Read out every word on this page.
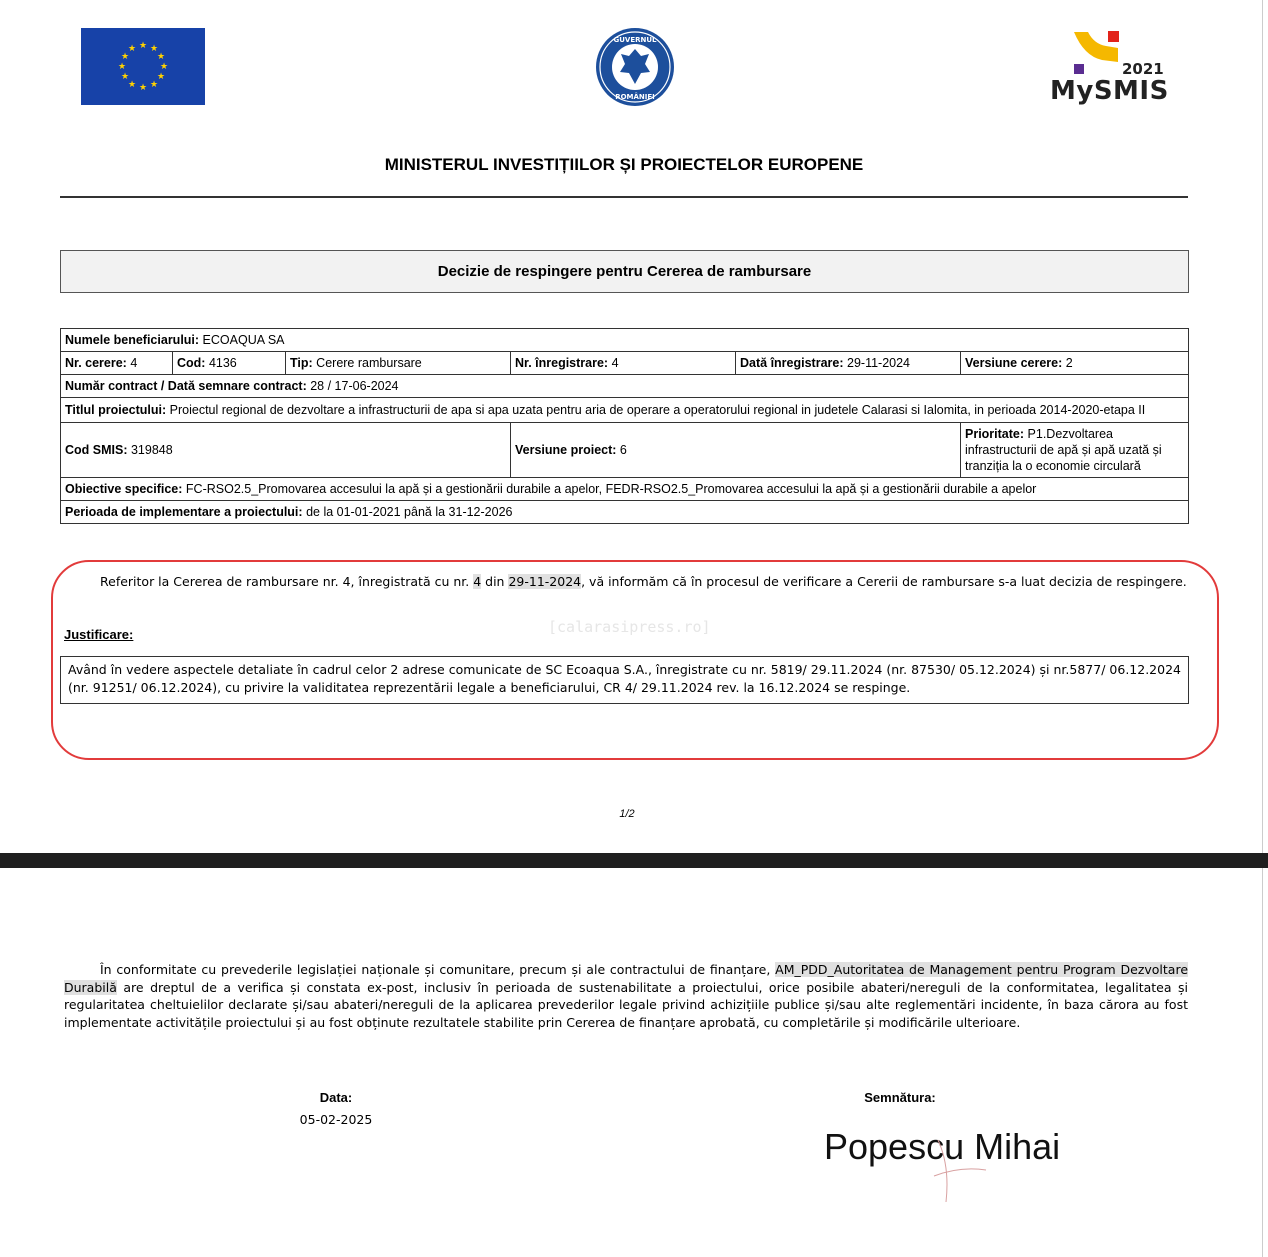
★ ★
★
★
★
★
★
★
★
★
★
★
GUVERNUL
ROMÂNIEI
2021
MySMIS
MINISTERUL INVESTIȚIILOR ȘI PROIECTELOR EUROPENE
Decizie de respingere pentru Cererea de rambursare
Numele beneficiarului: ECOAQUA SA					
Nr. cerere: 4	Cod: 4136	Tip: Cerere rambursare	Nr. înregistrare: 4	Dată înregistrare: 29-11-2024	Versiune cerere: 2
Număr contract / Dată semnare contract: 28 / 17-06-2024					
Titlul proiectului: Proiectul regional de dezvoltare a infrastructurii de apa si apa uzata pentru aria de operare a operatorului regional in judetele Calarasi si Ialomita, in perioada 2014-2020-etapa II					
Cod SMIS: 319848			Versiune proiect: 6		Prioritate: P1.Dezvoltarea infrastructurii de apă și apă uzată și tranziția la o economie circulară
Obiective specifice: FC-RSO2.5_Promovarea accesului la apă și a gestionării durabile a apelor, FEDR-RSO2.5_Promovarea accesului la apă și a gestionării durabile a apelor					
Perioada de implementare a proiectului: de la 01-01-2021 până la 31-12-2026					
Referitor la Cererea de rambursare nr. 4, înregistrată cu nr. 4 din 29-11-2024, vă informăm că în procesul de verificare a Cererii de rambursare s-a luat decizia de respingere.
[calarasipress.ro]
Justificare:
Având în vedere aspectele detaliate în cadrul celor 2 adrese comunicate de SC Ecoaqua S.A., înregistrate cu nr. 5819/ 29.11.2024 (nr. 87530/ 05.12.2024) și nr.5877/ 06.12.2024 (nr. 91251/ 06.12.2024), cu privire la validitatea reprezentării legale a beneficiarului, CR 4/ 29.11.2024 rev. la 16.12.2024 se respinge.
1/2
În conformitate cu prevederile legislației naționale și comunitare, precum și ale contractului de finanțare, AM_PDD_Autoritatea de Management pentru Program Dezvoltare Durabilă are dreptul de a verifica și constata ex-post, inclusiv în perioada de sustenabilitate a proiectului, orice posibile abateri/nereguli de la conformitatea, legalitatea și regularitatea cheltuielilor declarate și/sau abateri/nereguli de la aplicarea prevederilor legale privind achizițiile publice și/sau alte reglementări incidente, în baza cărora au fost implementate activitățile proiectului și au fost obținute rezultatele stabilite prin Cererea de finanțare aprobată, cu completările și modificările ulterioare.
Data:
05-02-2025
Semnătura:
Popescu Mihai
